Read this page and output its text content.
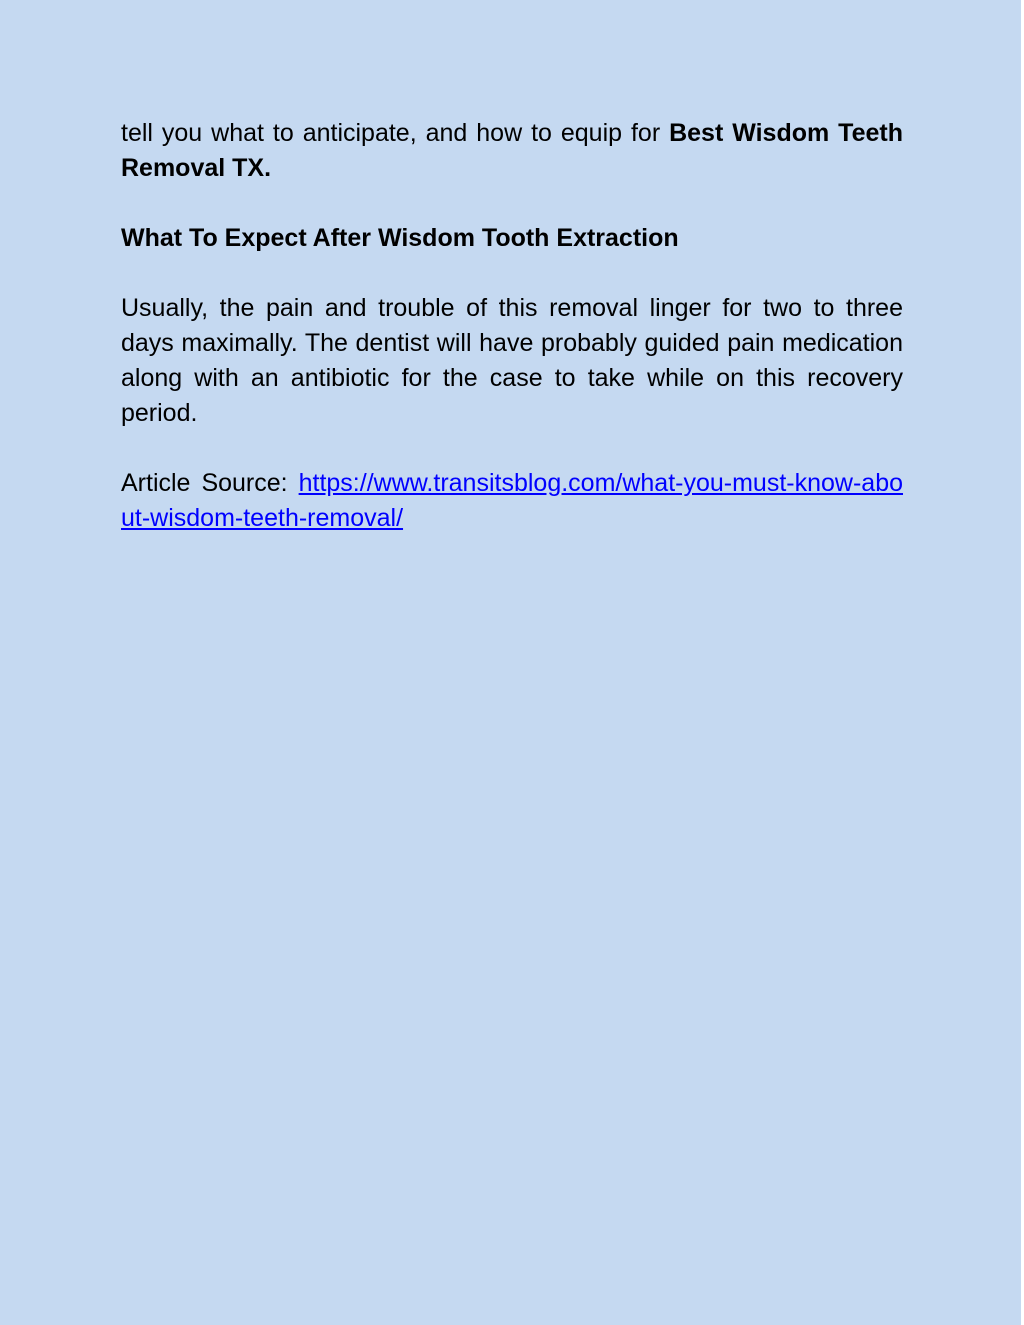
tell you what to anticipate, and how to equip for Best Wisdom Teeth Removal TX.

What To Expect After Wisdom Tooth Extraction

Usually, the pain and trouble of this removal linger for two to three days maximally. The dentist will have probably guided pain medication along with an antibiotic for the case to take while on this recovery period.

Article Source: https://www.transitsblog.com/what-you-must-know-about-wisdom-teeth-removal/
